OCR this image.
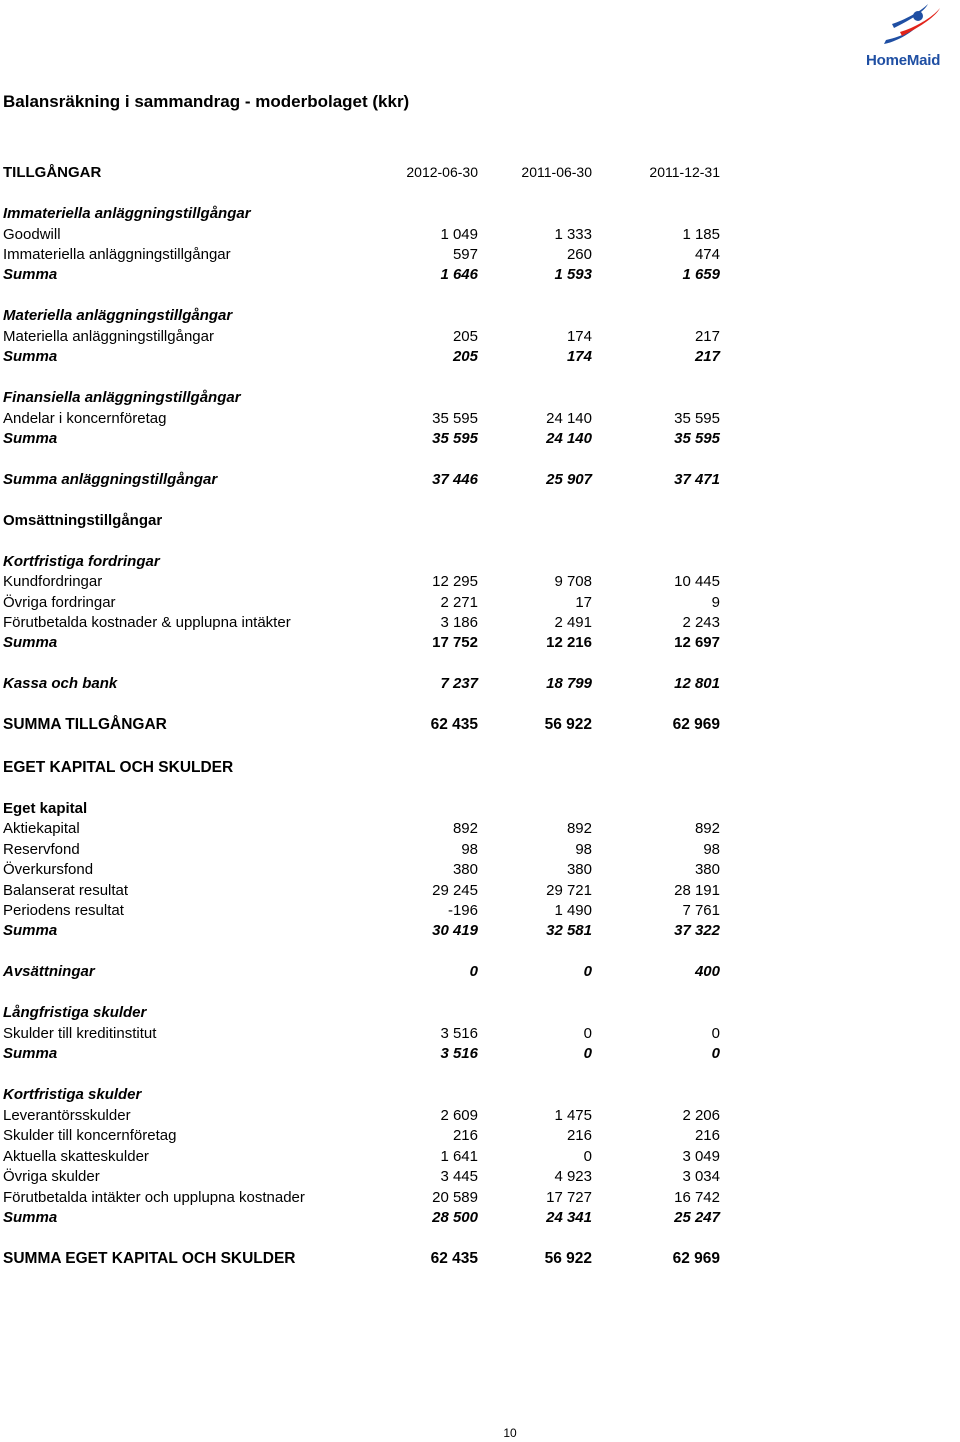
HomeMaid
Balansräkning i sammandrag - moderbolaget (kkr)
TILLGÅNGAR	2012-06-30	2011-06-30	2011-12-31
Immateriella anläggningstillgångar
Goodwill	1 049	1 333	1 185
Immateriella anläggningstillgångar	597	260	474
Summa	1 646	1 593	1 659
Materiella anläggningstillgångar
Materiella anläggningstillgångar	205	174	217
Summa	205	174	217
Finansiella anläggningstillgångar
Andelar i koncernföretag	35 595	24 140	35 595
Summa	35 595	24 140	35 595
Summa anläggningstillgångar	37 446	25 907	37 471
Omsättningstillgångar
Kortfristiga fordringar
Kundfordringar	12 295	9 708	10 445
Övriga fordringar	2 271	17	9
Förutbetalda kostnader & upplupna intäkter	3 186	2 491	2 243
Summa	17 752	12 216	12 697
Kassa och bank	7 237	18 799	12 801
SUMMA TILLGÅNGAR	62 435	56 922	62 969
EGET KAPITAL OCH SKULDER
Eget kapital
Aktiekapital	892	892	892
Reservfond	98	98	98
Överkursfond	380	380	380
Balanserat resultat	29 245	29 721	28 191
Periodens resultat	-196	1 490	7 761
Summa	30 419	32 581	37 322
Avsättningar	0	0	400
Långfristiga skulder
Skulder till kreditinstitut	3 516	0	0
Summa	3 516	0	0
Kortfristiga skulder
Leverantörsskulder	2 609	1 475	2 206
Skulder till koncernföretag	216	216	216
Aktuella skatteskulder	1 641	0	3 049
Övriga skulder	3 445	4 923	3 034
Förutbetalda intäkter och upplupna kostnader	20 589	17 727	16 742
Summa	28 500	24 341	25 247
SUMMA EGET KAPITAL OCH SKULDER	62 435	56 922	62 969
10
